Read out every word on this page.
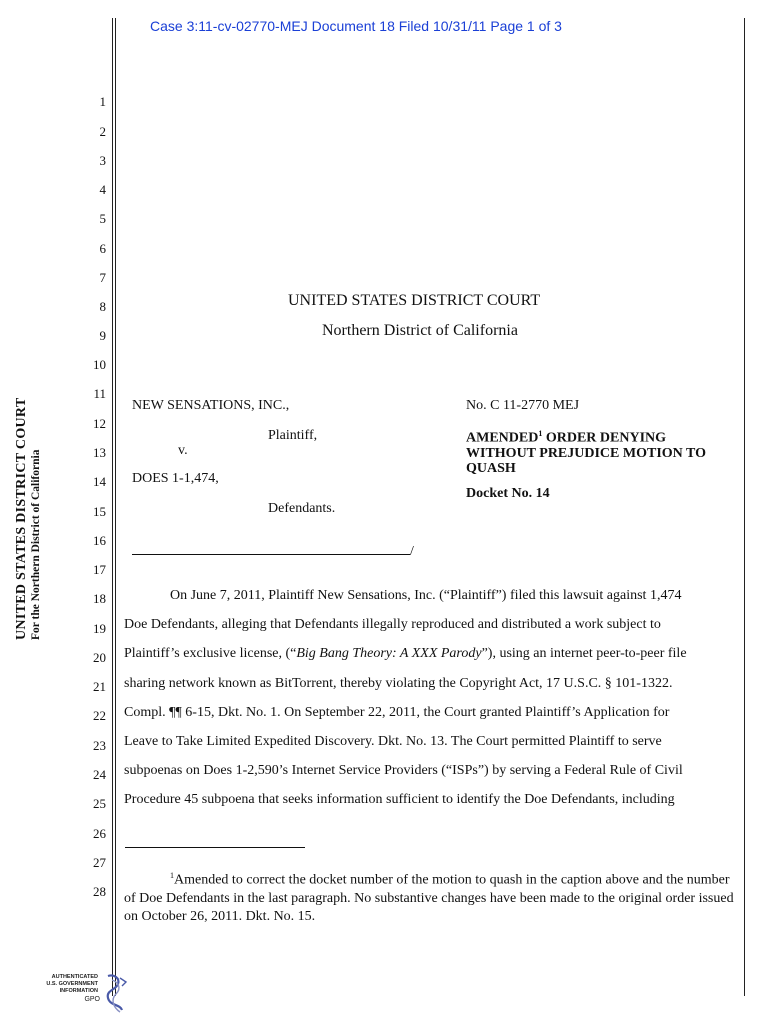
Case 3:11-cv-02770-MEJ Document 18 Filed 10/31/11 Page 1 of 3
UNITED STATES DISTRICT COURT For the Northern District of California
1
2
3
4
5
6
7
8
9
10
11
12
13
14
15
16
17
18
19
20
21
22
23
24
25
26
27
28
UNITED STATES DISTRICT COURT
Northern District of California
NEW SENSATIONS, INC.,
Plaintiff,
v.
DOES 1-1,474,
Defendants.
/
No. C 11-2770 MEJ
AMENDED$^1$ ORDER DENYING WITHOUT PREJUDICE MOTION TO QUASH
Docket No. 14
On June 7, 2011, Plaintiff New Sensations, Inc. (“Plaintiff”) filed this lawsuit against 1,474
Doe Defendants, alleging that Defendants illegally reproduced and distributed a work subject to
Plaintiff’s exclusive license, (“Big Bang Theory: A XXX Parody”), using an internet peer-to-peer file
sharing network known as BitTorrent, thereby violating the Copyright Act, 17 U.S.C. § 101-1322.
Compl. ¶¶ 6-15, Dkt. No. 1. On September 22, 2011, the Court granted Plaintiff’s Application for
Leave to Take Limited Expedited Discovery. Dkt. No. 13. The Court permitted Plaintiff to serve
subpoenas on Does 1-2,590’s Internet Service Providers (“ISPs”) by serving a Federal Rule of Civil
Procedure 45 subpoena that seeks information sufficient to identify the Doe Defendants, including
$^1$Amended to correct the docket number of the motion to quash in the caption above and the number of Doe Defendants in the last paragraph. No substantive changes have been made to the original order issued on October 26, 2011. Dkt. No. 15.
AUTHENTICATED
U.S. GOVERNMENT
INFORMATION
GPO
